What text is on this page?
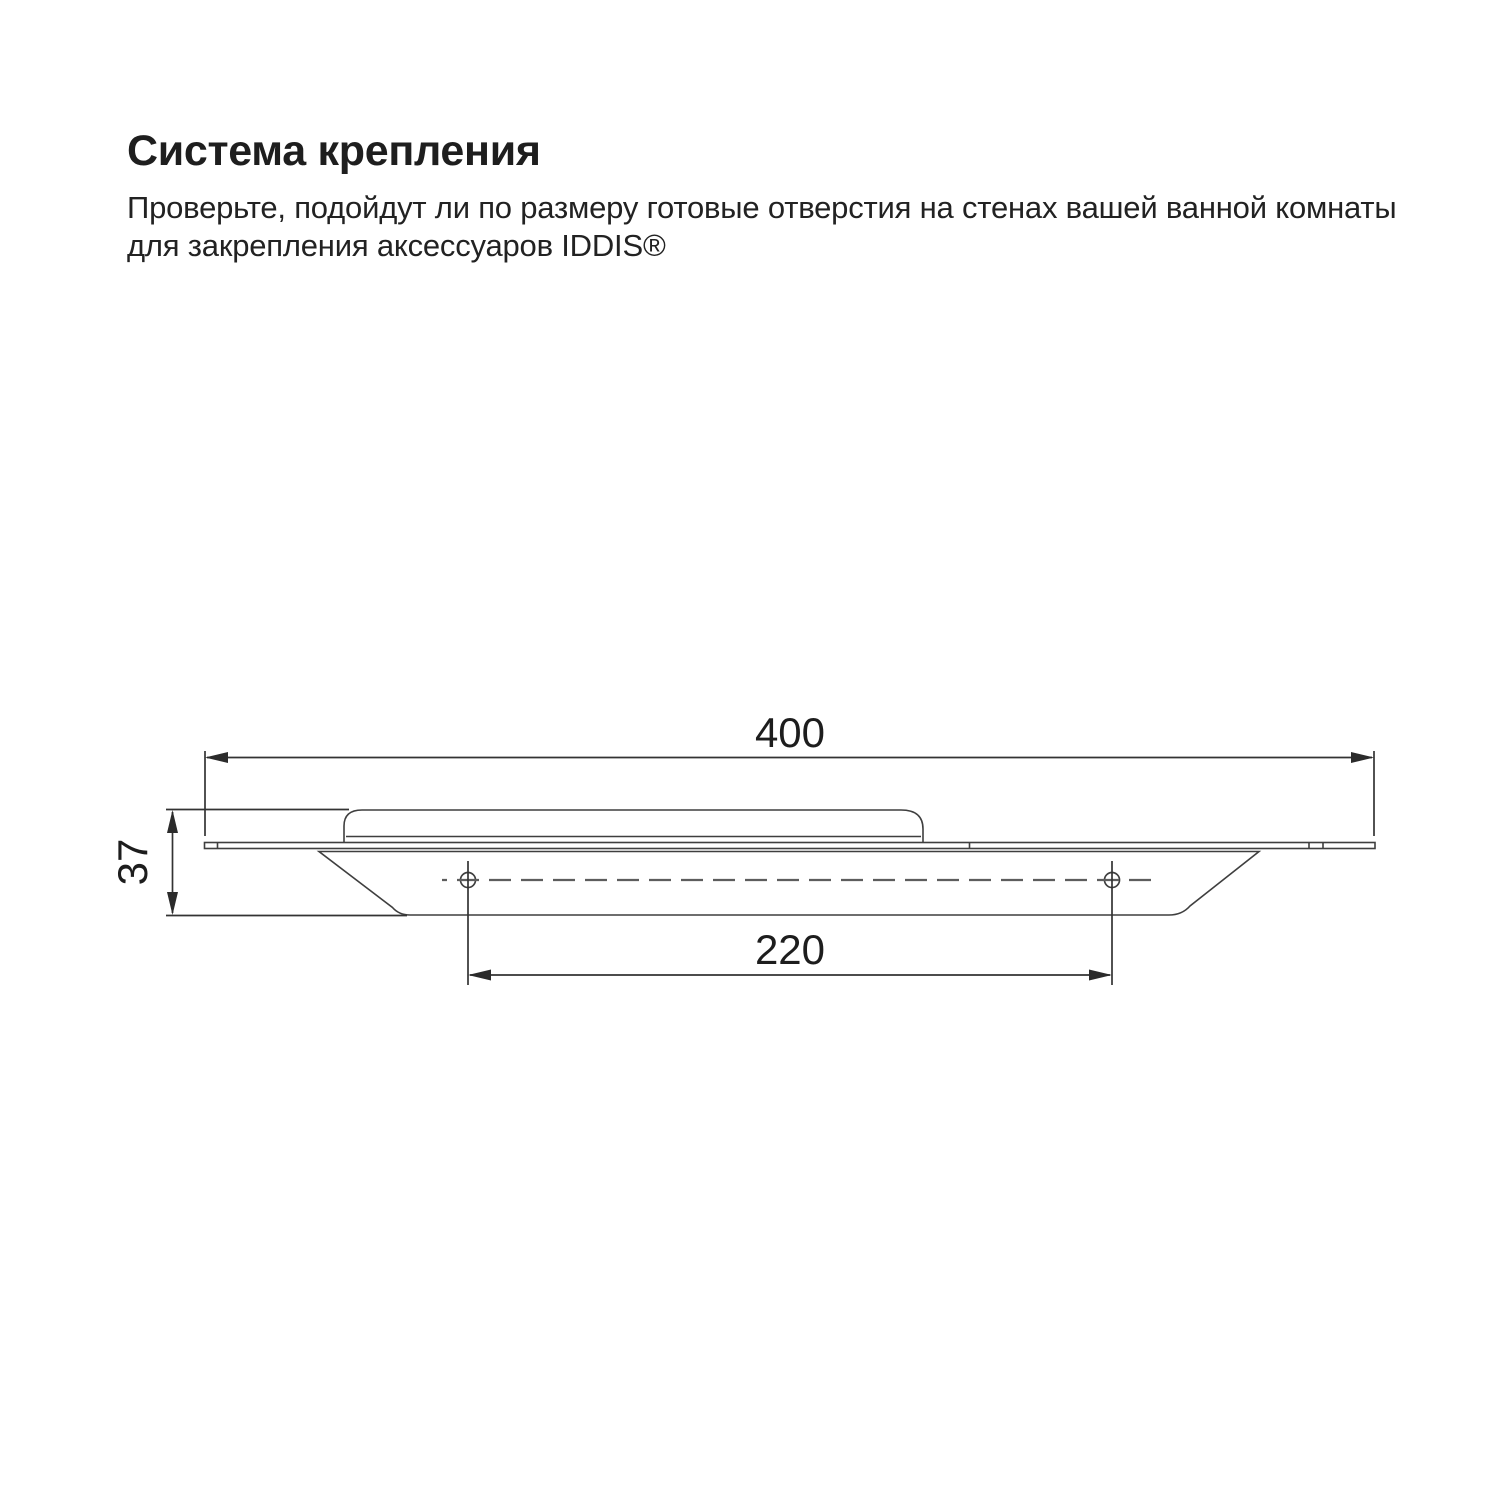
Система крепления
Проверьте, подойдут ли по размеру готовые отверстия на стенах вашей ванной комнаты
для закрепления аксессуаров IDDIS®
400
37
220
